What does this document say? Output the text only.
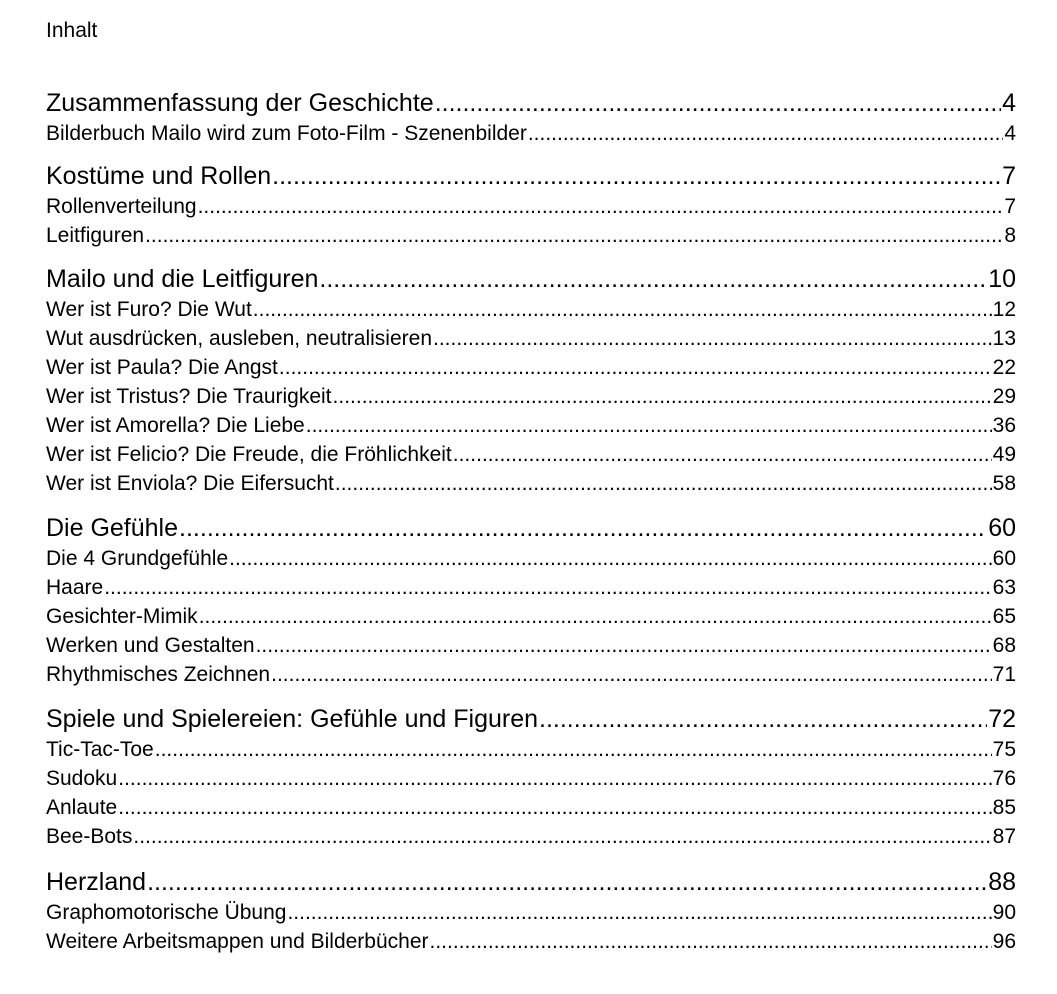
Inhalt
Zusammenfassung der Geschichte .....	4
Bilderbuch Mailo wird zum Foto-Film - Szenenbilder .....	4
Kostüme und Rollen .....	7
Rollenverteilung .....	7
Leitfiguren .....	8
Mailo und die Leitfiguren .....	10
Wer ist Furo? Die Wut .....	12
Wut ausdrücken, ausleben, neutralisieren .....	13
Wer ist Paula? Die Angst .....	22
Wer ist Tristus? Die Traurigkeit .....	29
Wer ist Amorella? Die Liebe .....	36
Wer ist Felicio? Die Freude, die Fröhlichkeit .....	49
Wer ist Enviola? Die Eifersucht .....	58
Die Gefühle .....	60
Die 4 Grundgefühle .....	60
Haare .....	63
Gesichter-Mimik .....	65
Werken und Gestalten .....	68
Rhythmisches Zeichnen .....	71
Spiele und Spielereien: Gefühle und Figuren .....	72
Tic-Tac-Toe .....	75
Sudoku .....	76
Anlaute .....	85
Bee-Bots .....	87
Herzland .....	88
Graphomotorische Übung .....	90
Weitere Arbeitsmappen und Bilderbücher .....	96
